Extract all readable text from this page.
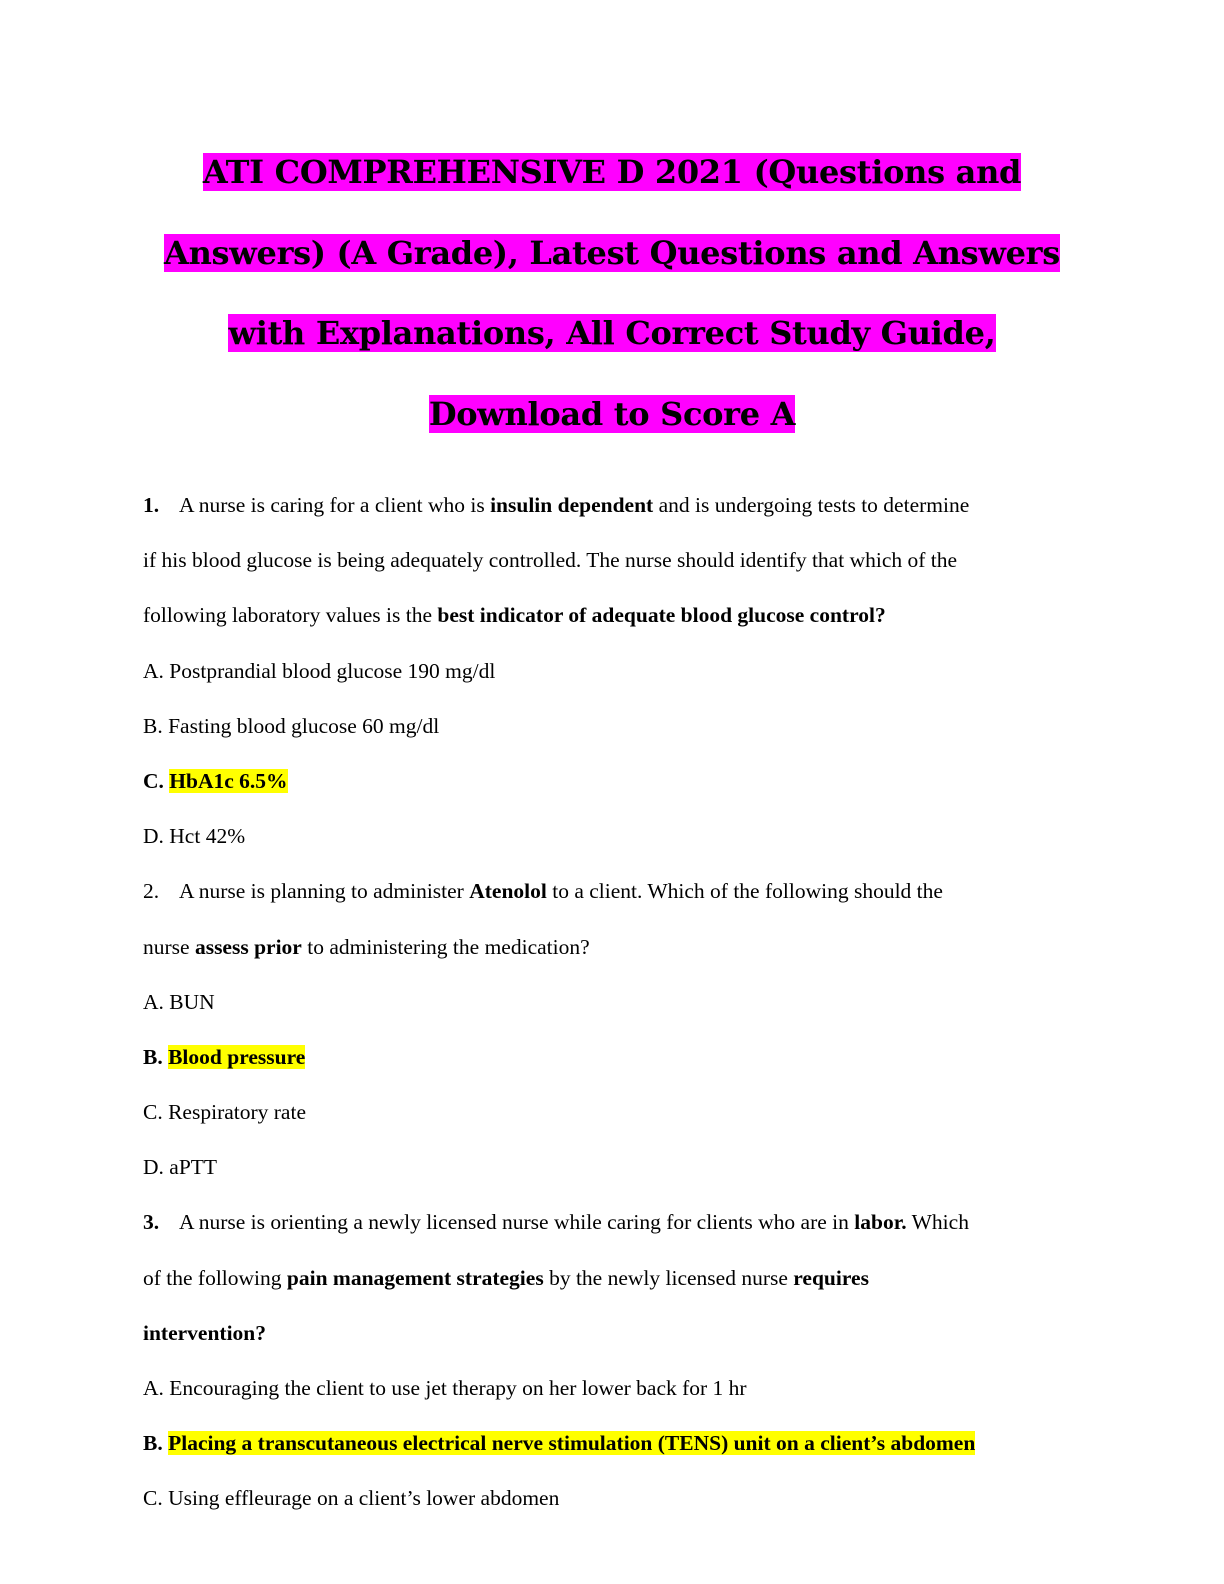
ATI COMPREHENSIVE D 2021 (Questions and
Answers) (A Grade), Latest Questions and Answers
with Explanations, All Correct Study Guide,
Download to Score A
1. A nurse is caring for a client who is insulin dependent and is undergoing tests to determine
if his blood glucose is being adequately controlled. The nurse should identify that which of the
following laboratory values is the best indicator of adequate blood glucose control?
A. Postprandial blood glucose 190 mg/dl
B. Fasting blood glucose 60 mg/dl
C. HbA1c 6.5%
D. Hct 42%
2. A nurse is planning to administer Atenolol to a client. Which of the following should the
nurse assess prior to administering the medication?
A. BUN
B. Blood pressure
C. Respiratory rate
D. aPTT
3. A nurse is orienting a newly licensed nurse while caring for clients who are in labor. Which
of the following pain management strategies by the newly licensed nurse requires
intervention?
A. Encouraging the client to use jet therapy on her lower back for 1 hr
B. Placing a transcutaneous electrical nerve stimulation (TENS) unit on a client’s abdomen
C. Using effleurage on a client’s lower abdomen
